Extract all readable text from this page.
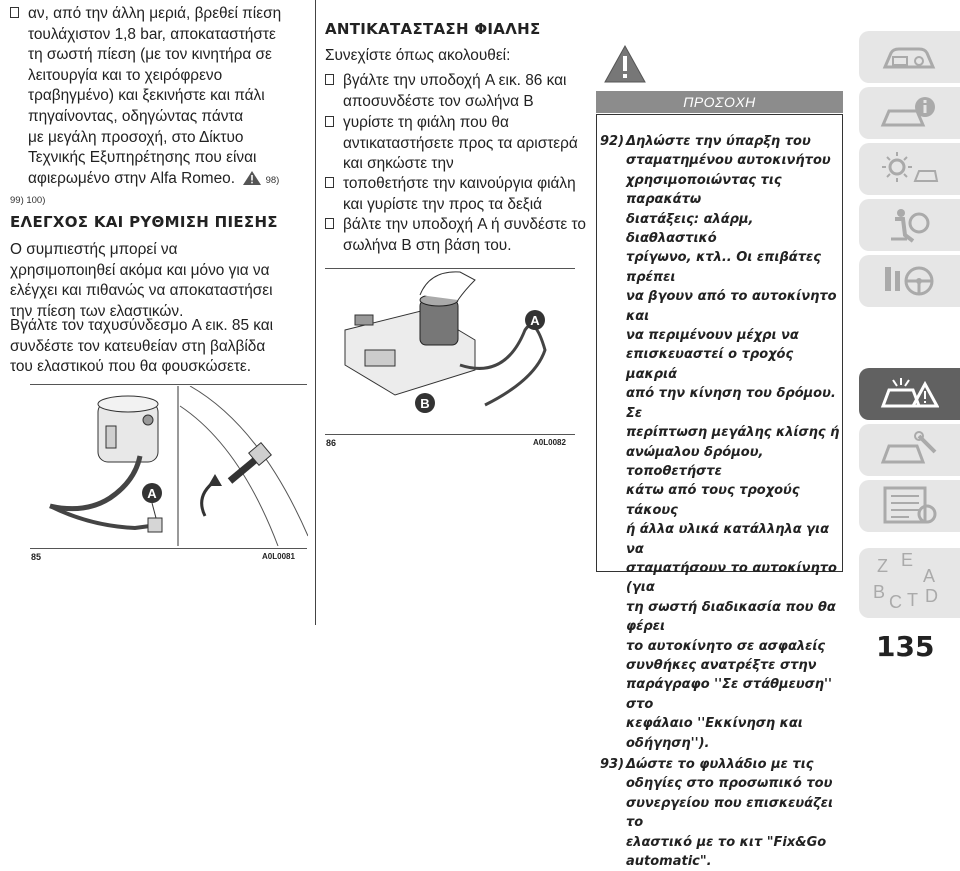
αν, από την άλλη μεριά, βρεθεί πίεση
τουλάχιστον 1,8 bar, αποκαταστήστε
τη σωστή πίεση (με τον κινητήρα σε
λειτουργία και το χειρόφρενο
τραβηγμένο) και ξεκινήστε και πάλι
πηγαίνοντας, οδηγώντας πάντα
με μεγάλη προσοχή, στο Δίκτυο
Τεχνικής Εξυπηρέτησης που είναι
αφιερωμένο στην Alfa Romeo.	98)
99) 100)
ΕΛΕΓΧΟΣ ΚΑΙ ΡΥΘΜΙΣΗ ΠΙΕΣΗΣ
Ο συμπιεστής μπορεί να
χρησιμοποιηθεί ακόμα και μόνο για να
ελέγχει και πιθανώς να αποκαταστήσει
την πίεση των ελαστικών.
Βγάλτε τον ταχυσύνδεσμο A εικ. 85 και
συνδέστε τον κατευθείαν στη βαλβίδα
του ελαστικού που θα φουσκώσετε.
A
85	A0L0081
ΑΝΤΙΚΑΤΑΣΤΑΣΗ ΦΙΑΛΗΣ
Συνεχίστε όπως ακολουθεί:
βγάλτε την υποδοχή A εικ. 86 και
αποσυνδέστε τον σωλήνα B
γυρίστε τη φιάλη που θα
αντικαταστήσετε προς τα αριστερά
και σηκώστε την
τοποθετήστε την καινούργια φιάλη
και γυρίστε την προς τα δεξιά
βάλτε την υποδοχή A ή συνδέστε το
σωλήνα B στη βάση του.
A
B
86	A0L0082
ΠΡΟΣΟΧΗ
92) Δηλώστε την ύπαρξη του
σταματημένου αυτοκινήτου
χρησιμοποιώντας τις παρακάτω
διατάξεις: αλάρμ, διαθλαστικό
τρίγωνο, κτλ.. Οι επιβάτες πρέπει
να βγουν από το αυτοκίνητο και
να περιμένουν μέχρι να
επισκευαστεί ο τροχός μακριά
από την κίνηση του δρόμου. Σε
περίπτωση μεγάλης κλίσης ή
ανώμαλου δρόμου, τοποθετήστε
κάτω από τους τροχούς τάκους
ή άλλα υλικά κατάλληλα για να
σταματήσουν το αυτοκίνητο (για
τη σωστή διαδικασία που θα φέρει
το αυτοκίνητο σε ασφαλείς
συνθήκες ανατρέξτε στην
παράγραφο ''Σε στάθμευση'' στο
κεφάλαιο ''Εκκίνηση και
οδήγηση'').
93) Δώστε το φυλλάδιο με τις
οδηγίες στο προσωπικό του
συνεργείου που επισκευάζει το
ελαστικό με το κιτ "Fix&Go
automatic".
Z E
A
B C T D
135
